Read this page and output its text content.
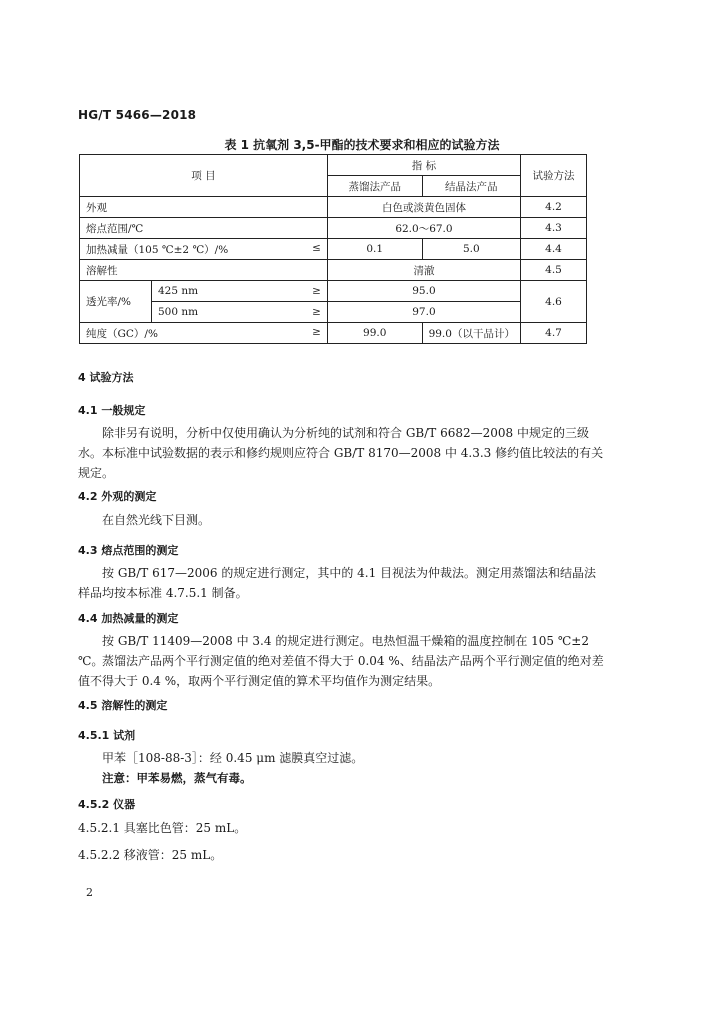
HG/T 5466—2018
表 1 抗氧剂 3,5-甲酯的技术要求和相应的试验方法
项 目		指 标		试验方法
		蒸馏法产品	结晶法产品	
外观		白色或淡黄色固体		4.2
熔点范围/℃		62.0～67.0		4.3
加热减量（105 ℃±2 ℃）/% ≤		0.1	5.0	4.4
溶解性		清澈		4.5
透光率/%	425 nm ≥	95.0		4.6
	500 nm ≥	97.0		
纯度（GC）/% ≥		99.0	99.0（以干品计）	4.7
4 试验方法
4.1 一般规定
除非另有说明，分析中仅使用确认为分析纯的试剂和符合 GB/T 6682—2008 中规定的三级水。 本标准中试验数据的表示和修约规则应符合 GB/T 8170—2008 中 4.3.3 修约值比较法的有关规定。
4.2 外观的测定
在自然光线下目测。
4.3 熔点范围的测定
按 GB/T 617—2006 的规定进行测定，其中的 4.1 目视法为仲裁法。测定用蒸馏法和结晶法样品均按本标准 4.7.5.1 制备。
4.4 加热减量的测定
按 GB/T 11409—2008 中 3.4 的规定进行测定。电热恒温干燥箱的温度控制在 105 ℃±2 ℃。
蒸馏法产品两个平行测定值的绝对差值不得大于 0.04 %、结晶法产品两个平行测定值的绝对差值不得大于 0.4 %，取两个平行测定值的算术平均值作为测定结果。
4.5 溶解性的测定
4.5.1 试剂
甲苯［108-88-3］：经 0.45 μm 滤膜真空过滤。
注意：甲苯易燃，蒸气有毒。
4.5.2 仪器
4.5.2.1 具塞比色管：25 mL。
4.5.2.2 移液管：25 mL。
2
